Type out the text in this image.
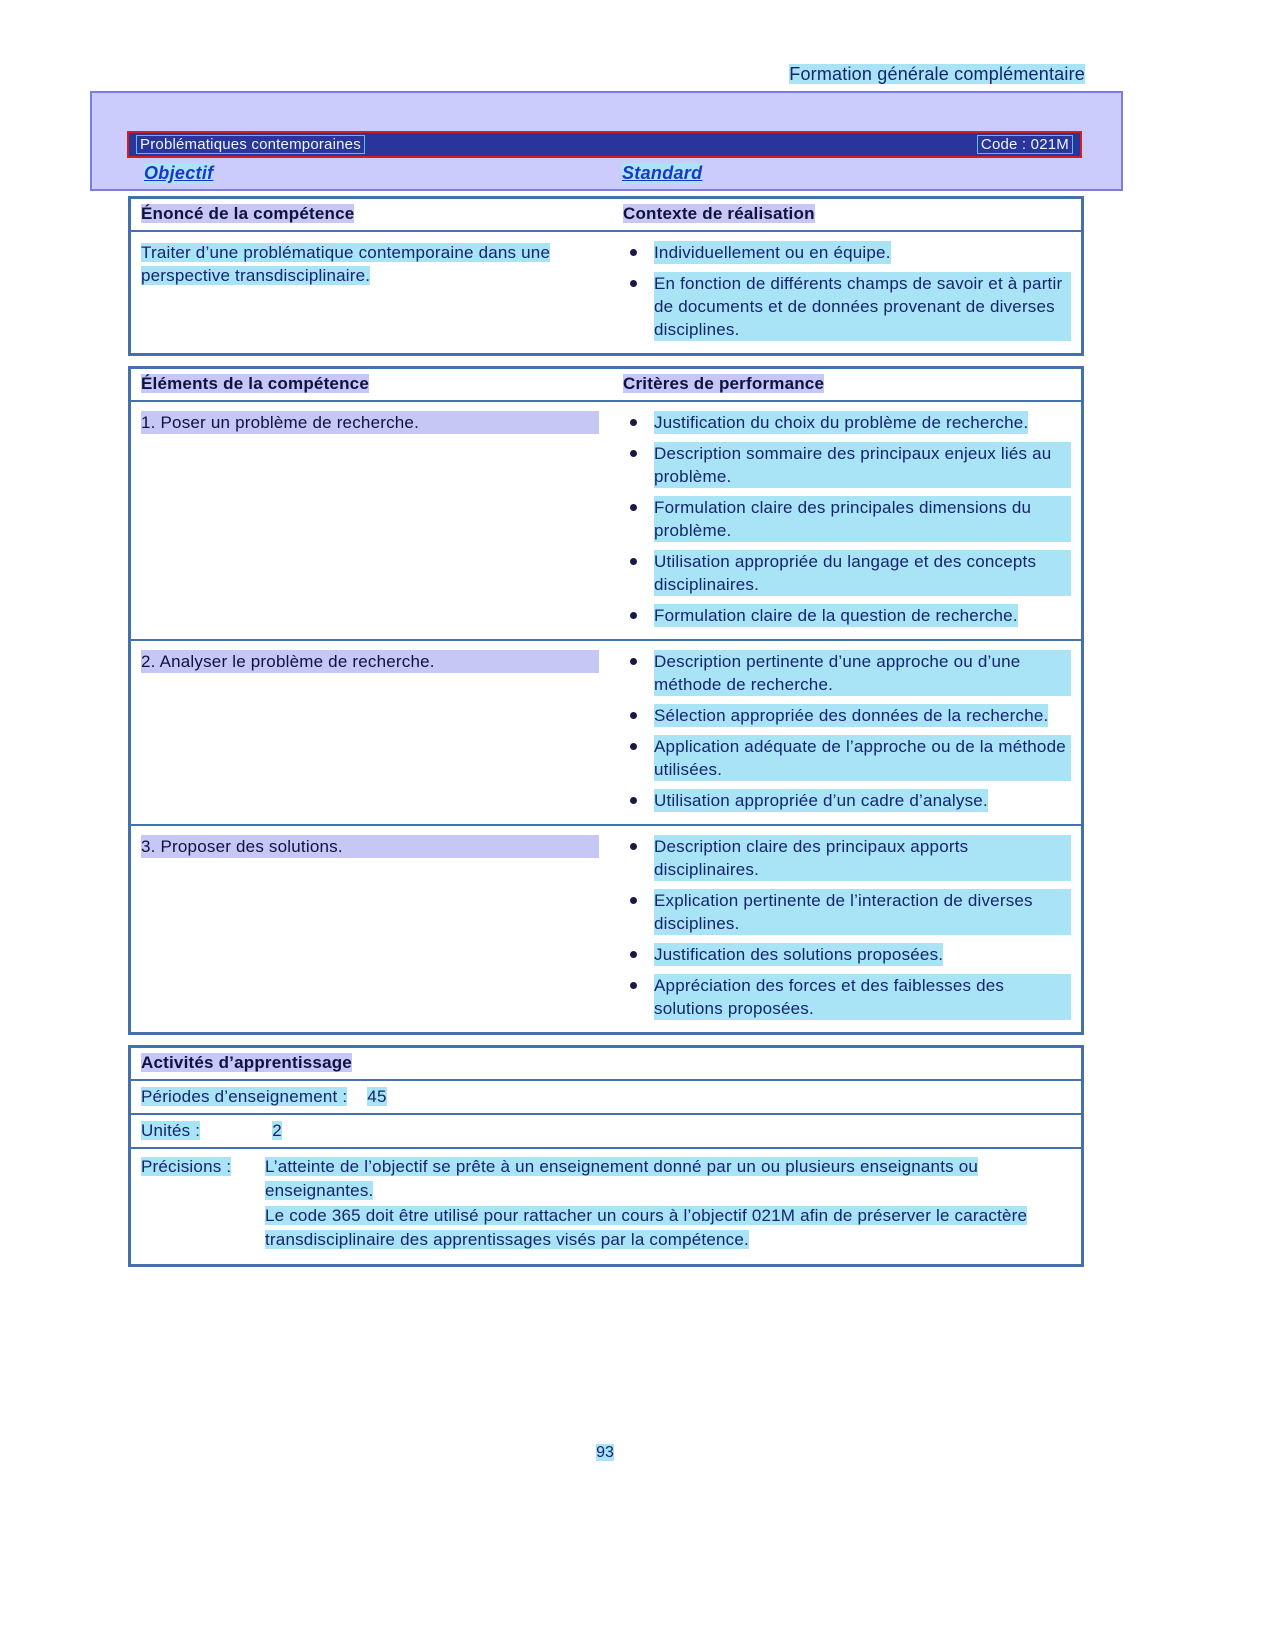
Formation générale complémentaire
Problématiques contemporaines	Code : 021M
Objectif	Standard
Énoncé de la compétence	Contexte de réalisation
Traiter d’une problématique contemporaine dans une perspective transdisciplinaire.
Individuellement ou en équipe.
En fonction de différents champs de savoir et à partir de documents et de données provenant de diverses disciplines.
Éléments de la compétence	Critères de performance
1. Poser un problème de recherche.	Justification du choix du problème de recherche.
Description sommaire des principaux enjeux liés au problème.
Formulation claire des principales dimensions du problème.
Utilisation appropriée du langage et des concepts disciplinaires.
Formulation claire de la question de recherche.
2. Analyser le problème de recherche.	Description pertinente d’une approche ou d’une méthode de recherche.
Sélection appropriée des données de la recherche.
Application adéquate de l’approche ou de la méthode utilisées.
Utilisation appropriée d’un cadre d’analyse.
3. Proposer des solutions.	Description claire des principaux apports disciplinaires.
Explication pertinente de l’interaction de diverses disciplines.
Justification des solutions proposées.
Appréciation des forces et des faiblesses des solutions proposées.
Activités d’apprentissage
Périodes d’enseignement : 45
Unités :	2
Précisions :	L’atteinte de l’objectif se prête à un enseignement donné par un ou plusieurs enseignants ou enseignantes.
Le code 365 doit être utilisé pour rattacher un cours à l’objectif 021M afin de préserver le caractère transdisciplinaire des apprentissages visés par la compétence.
93
